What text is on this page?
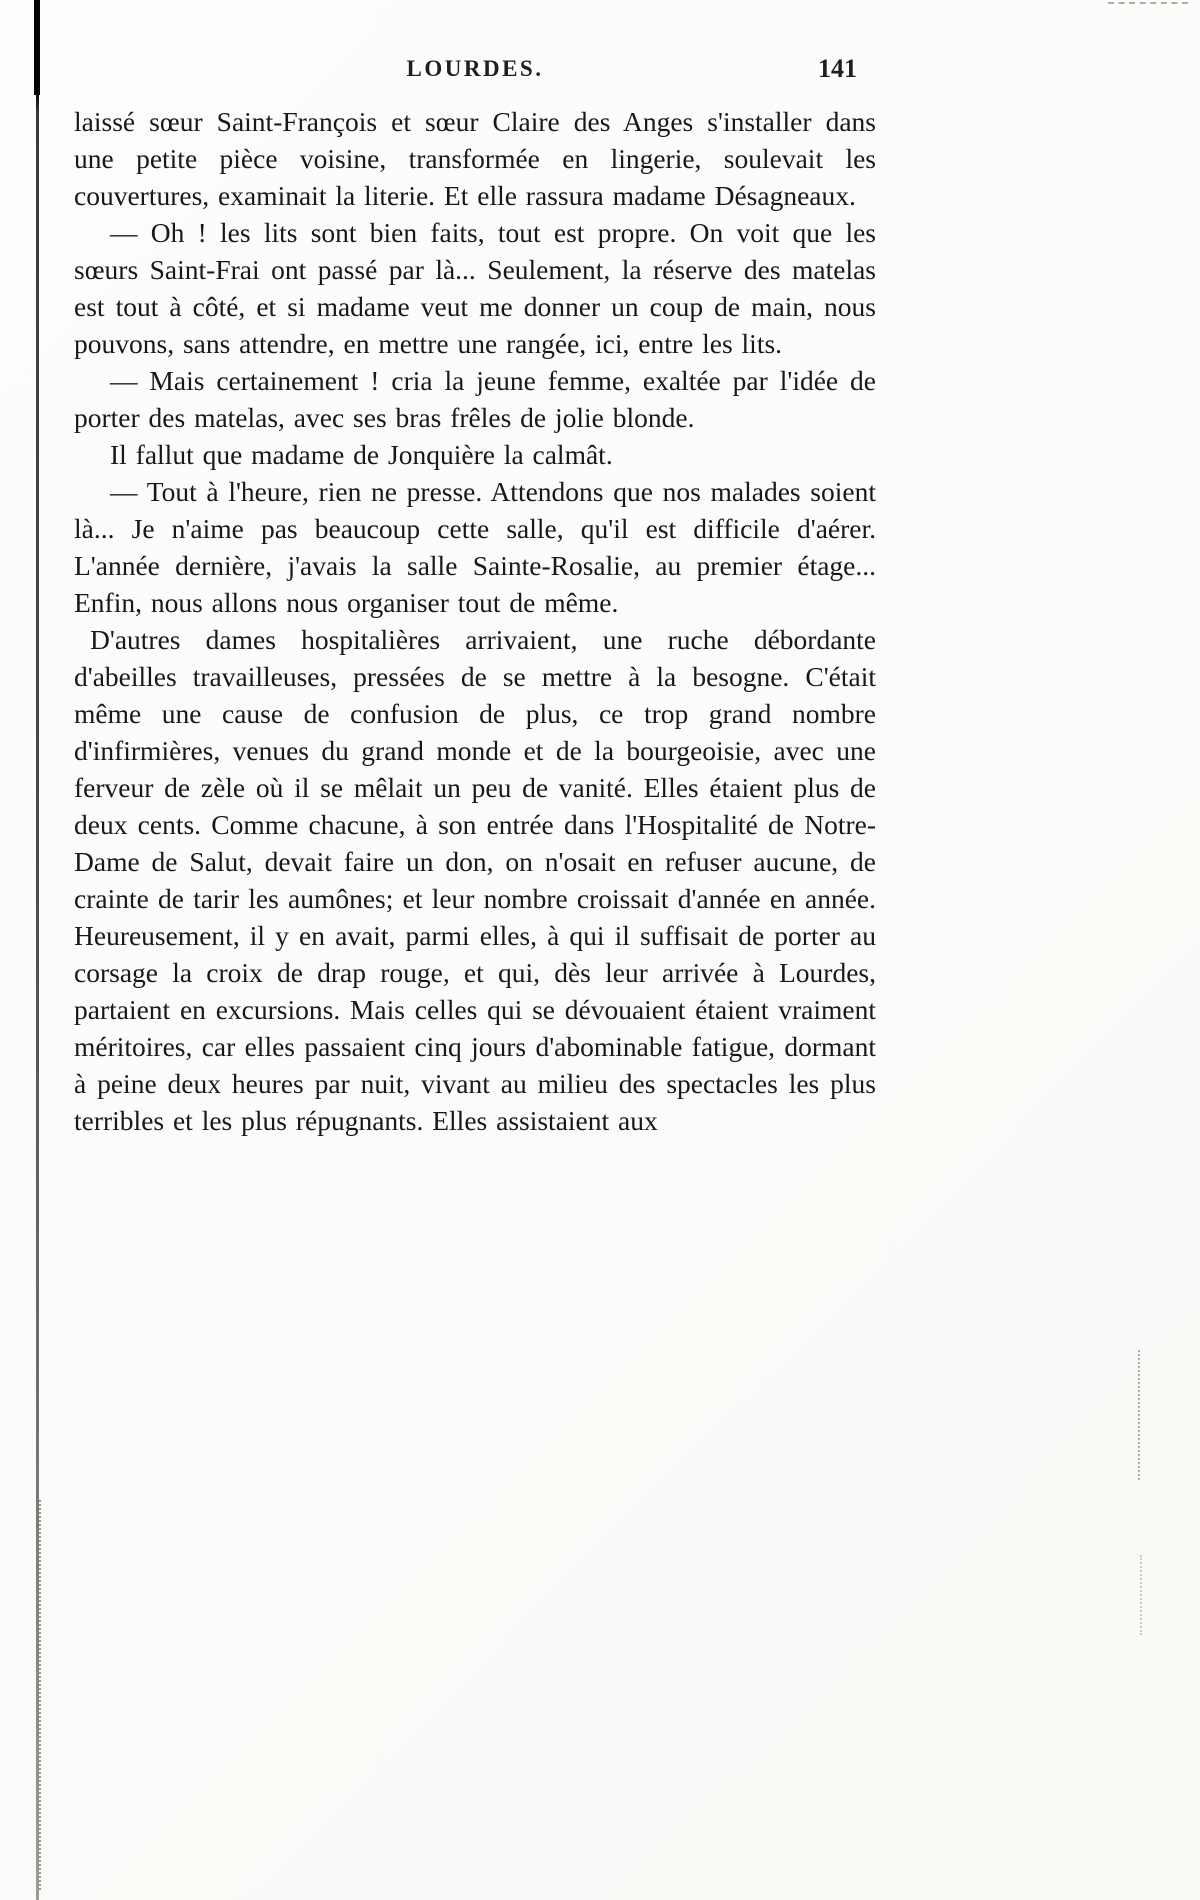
LOURDES.	141

laissé sœur Saint-François et sœur Claire des Anges s'installer dans une petite pièce voisine, transformée en lingerie, soulevait les couvertures, examinait la literie. Et elle rassura madame Désagneaux.

— Oh ! les lits sont bien faits, tout est propre. On voit que les sœurs Saint-Frai ont passé par là... Seulement, la réserve des matelas est tout à côté, et si madame veut me donner un coup de main, nous pouvons, sans attendre, en mettre une rangée, ici, entre les lits.

— Mais certainement ! cria la jeune femme, exaltée par l'idée de porter des matelas, avec ses bras frêles de jolie blonde.

Il fallut que madame de Jonquière la calmât.

— Tout à l'heure, rien ne presse. Attendons que nos malades soient là... Je n'aime pas beaucoup cette salle, qu'il est difficile d'aérer. L'année dernière, j'avais la salle Sainte-Rosalie, au premier étage... Enfin, nous allons nous organiser tout de même.

D'autres dames hospitalières arrivaient, une ruche débordante d'abeilles travailleuses, pressées de se mettre à la besogne. C'était même une cause de confusion de plus, ce trop grand nombre d'infirmières, venues du grand monde et de la bourgeoisie, avec une ferveur de zèle où il se mêlait un peu de vanité. Elles étaient plus de deux cents. Comme chacune, à son entrée dans l'Hospitalité de Notre-Dame de Salut, devait faire un don, on n'osait en refuser aucune, de crainte de tarir les aumônes; et leur nombre croissait d'année en année. Heureusement, il y en avait, parmi elles, à qui il suffisait de porter au corsage la croix de drap rouge, et qui, dès leur arrivée à Lourdes, partaient en excursions. Mais celles qui se dévouaient étaient vraiment méritoires, car elles passaient cinq jours d'abominable fatigue, dormant à peine deux heures par nuit, vivant au milieu des spectacles les plus terribles et les plus répugnants. Elles assistaient aux
